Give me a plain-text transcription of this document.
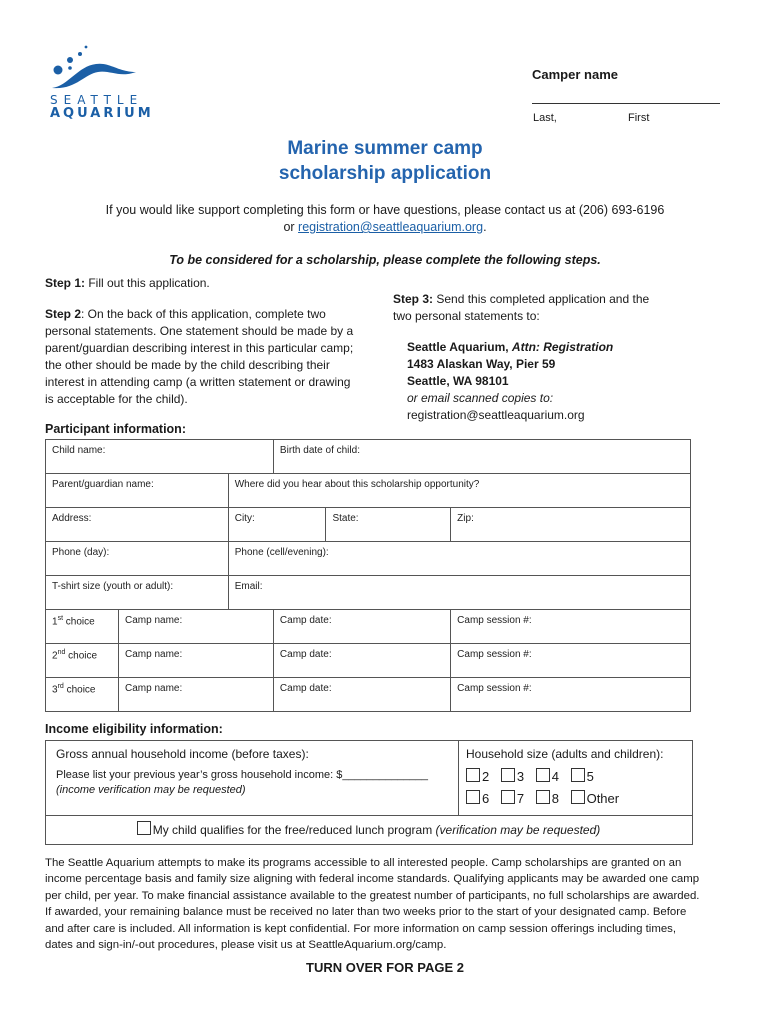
SEATTLE
AQUARIUM
Camper name
Last,	First
Marine summer camp
scholarship application
If you would like support completing this form or have questions, please contact us at (206) 693-6196
or registration@seattleaquarium.org.
To be considered for a scholarship, please complete the following steps.
Step 1: Fill out this application.
Step 2: On the back of this application, complete two
personal statements. One statement should be made by a
parent/guardian describing interest in this particular camp;
the other should be made by the child describing their
interest in attending camp (a written statement or drawing
is acceptable for the child).
Step 3: Send this completed application and the
two personal statements to:
Seattle Aquarium, Attn: Registration
1483 Alaskan Way, Pier 59
Seattle, WA 98101
or email scanned copies to:
registration@seattleaquarium.org
Participant information:
Child name:			Birth date of child:		
Parent/guardian name:		Where did you hear about this scholarship opportunity?			
Address:		City:		State:	Zip:
Phone (day):		Phone (cell/evening):			
T-shirt size (youth or adult):		Email:			
1st choice	Camp name:		Camp date:		Camp session #:
2nd choice	Camp name:		Camp date:		Camp session #:
3rd choice	Camp name:		Camp date:		Camp session #:
Income eligibility information:
Gross annual household income (before taxes):
Please list your previous year’s gross household income: $______________
(income verification may be requested)
Household size (adults and children):
2 3 4 5
6 7 8 Other
My child qualifies for the free/reduced lunch program (verification may be requested)
The Seattle Aquarium attempts to make its programs accessible to all interested people. Camp scholarships are granted on an
income percentage basis and family size aligning with federal income standards. Qualifying applicants may be awarded one camp
per child, per year. To make financial assistance available to the greatest number of participants, no full scholarships are awarded.
If awarded, your remaining balance must be received no later than two weeks prior to the start of your designated camp. Before
and after care is included. All information is kept confidential. For more information on camp session offerings including times,
dates and sign-in/-out procedures, please visit us at SeattleAquarium.org/camp.
TURN OVER FOR PAGE 2
